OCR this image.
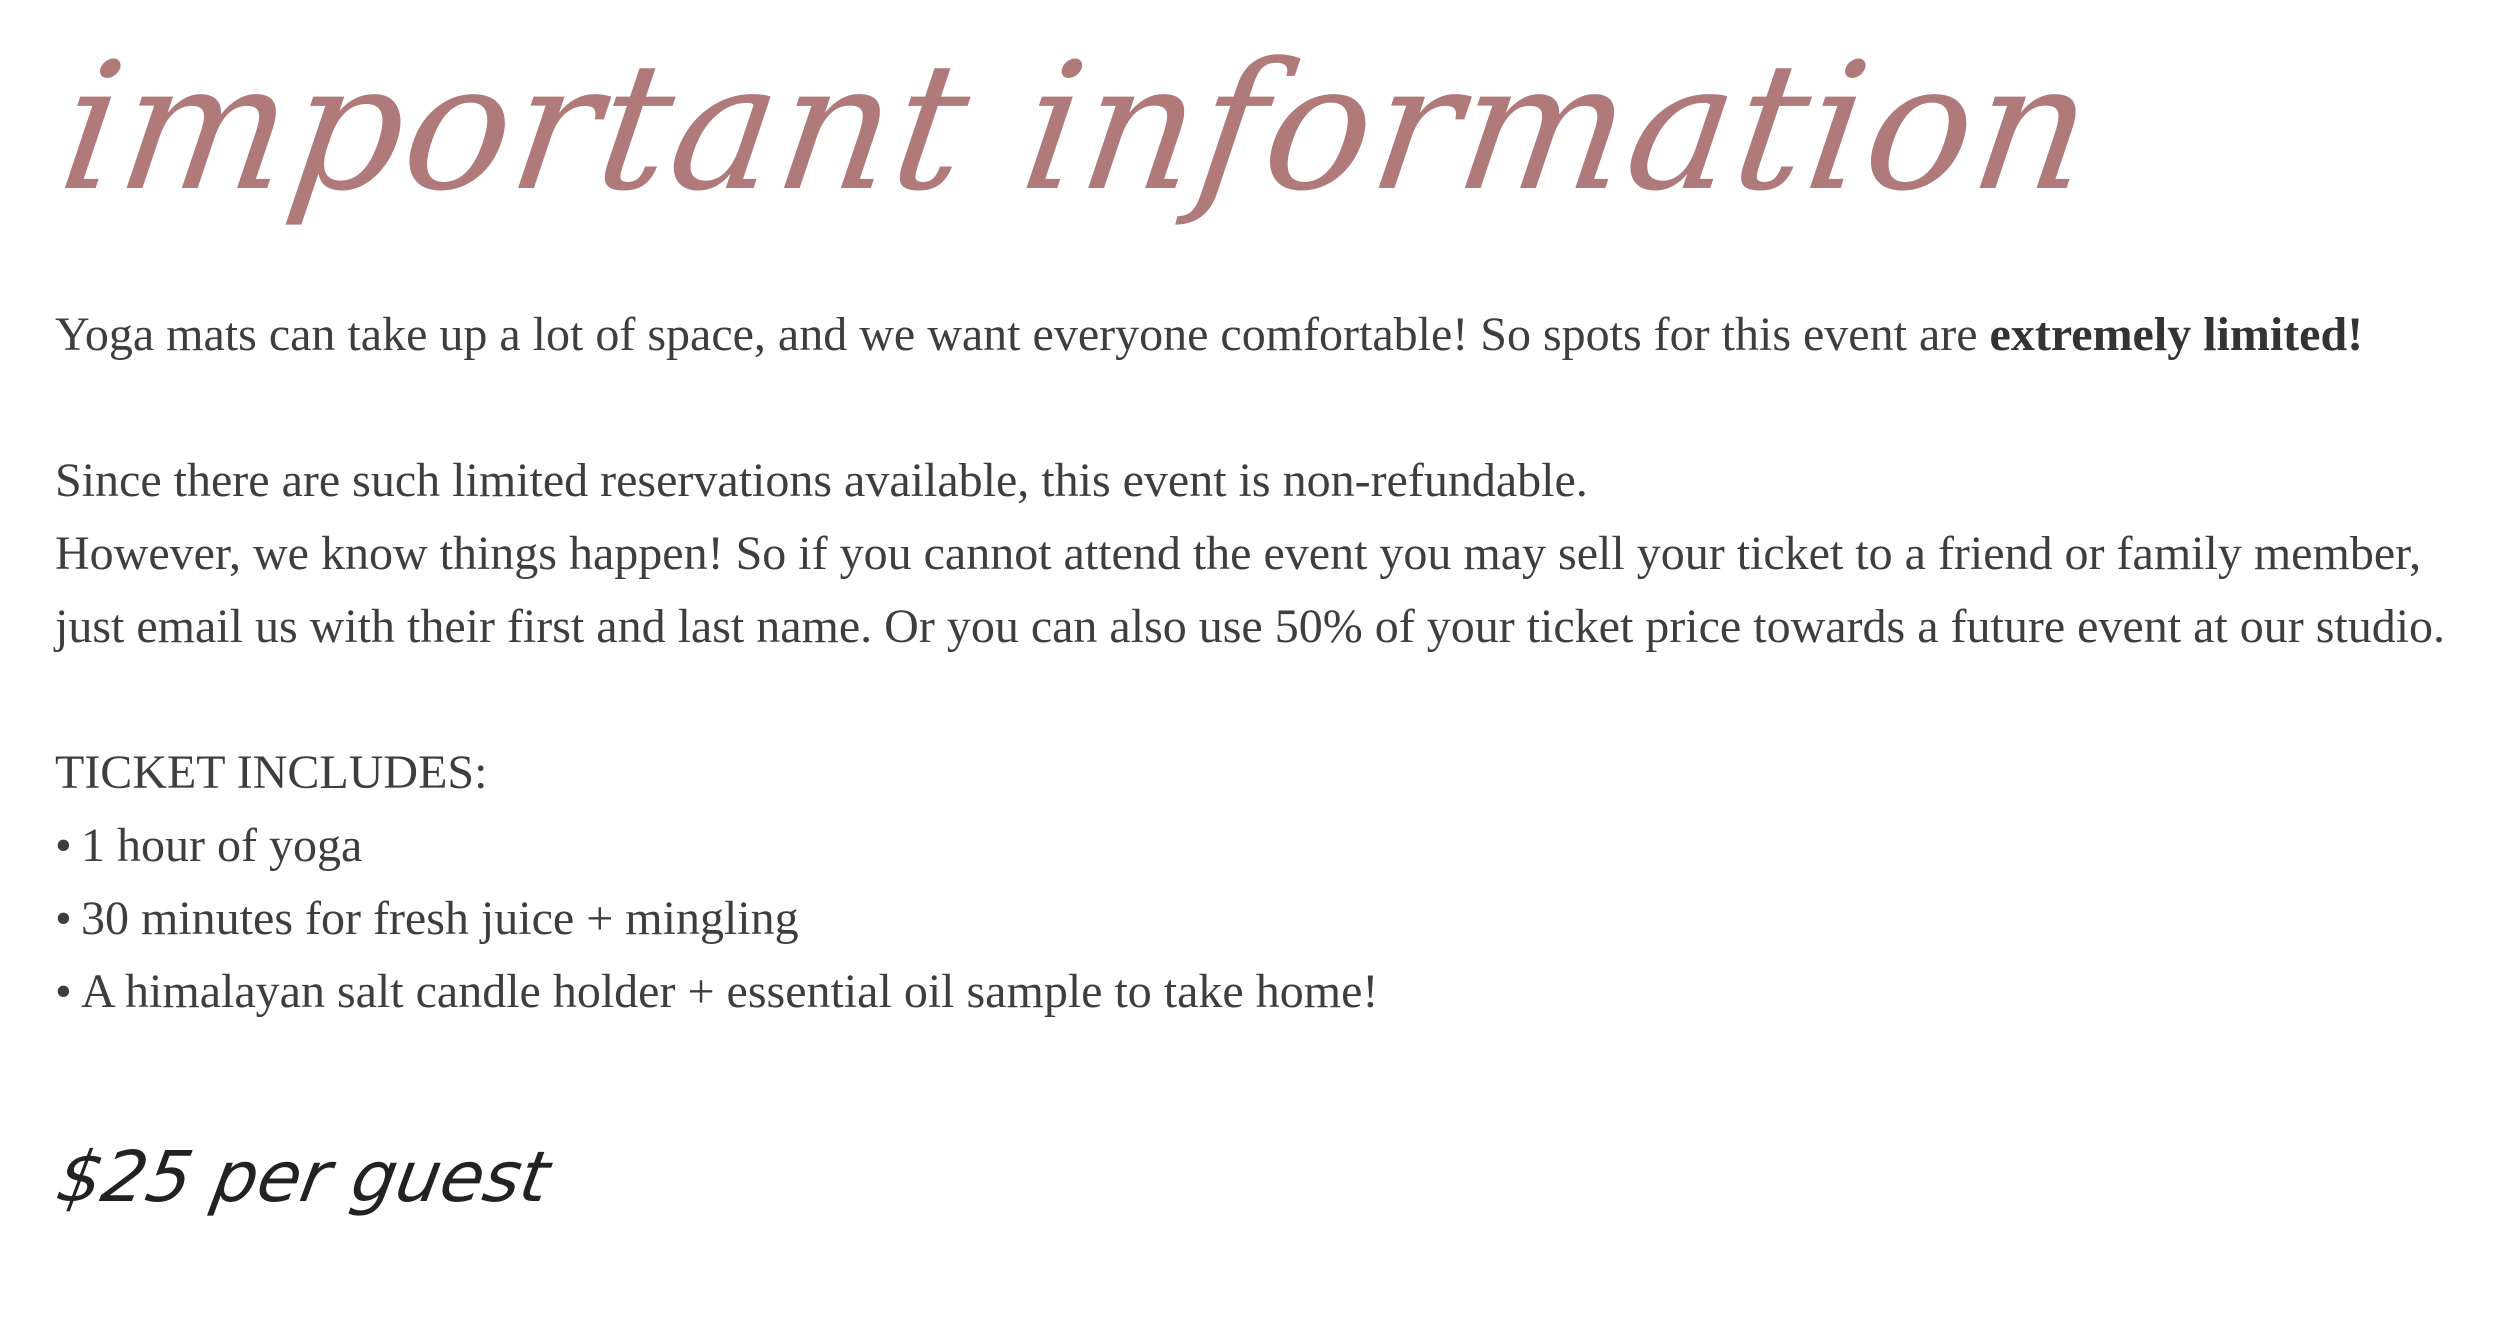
important information

Yoga mats can take up a lot of space, and we want everyone comfortable! So spots for this event are extremely limited!

Since there are such limited reservations available, this event is non-refundable.

However, we know things happen! So if you cannot attend the event you may sell your ticket to a friend or family member, just email us with their first and last name. Or you can also use 50% of your ticket price towards a future event at our studio.

TICKET INCLUDES:

• 1 hour of yoga
• 30 minutes for fresh juice + mingling
• A himalayan salt candle holder + essential oil sample to take home!
$25 per guest
